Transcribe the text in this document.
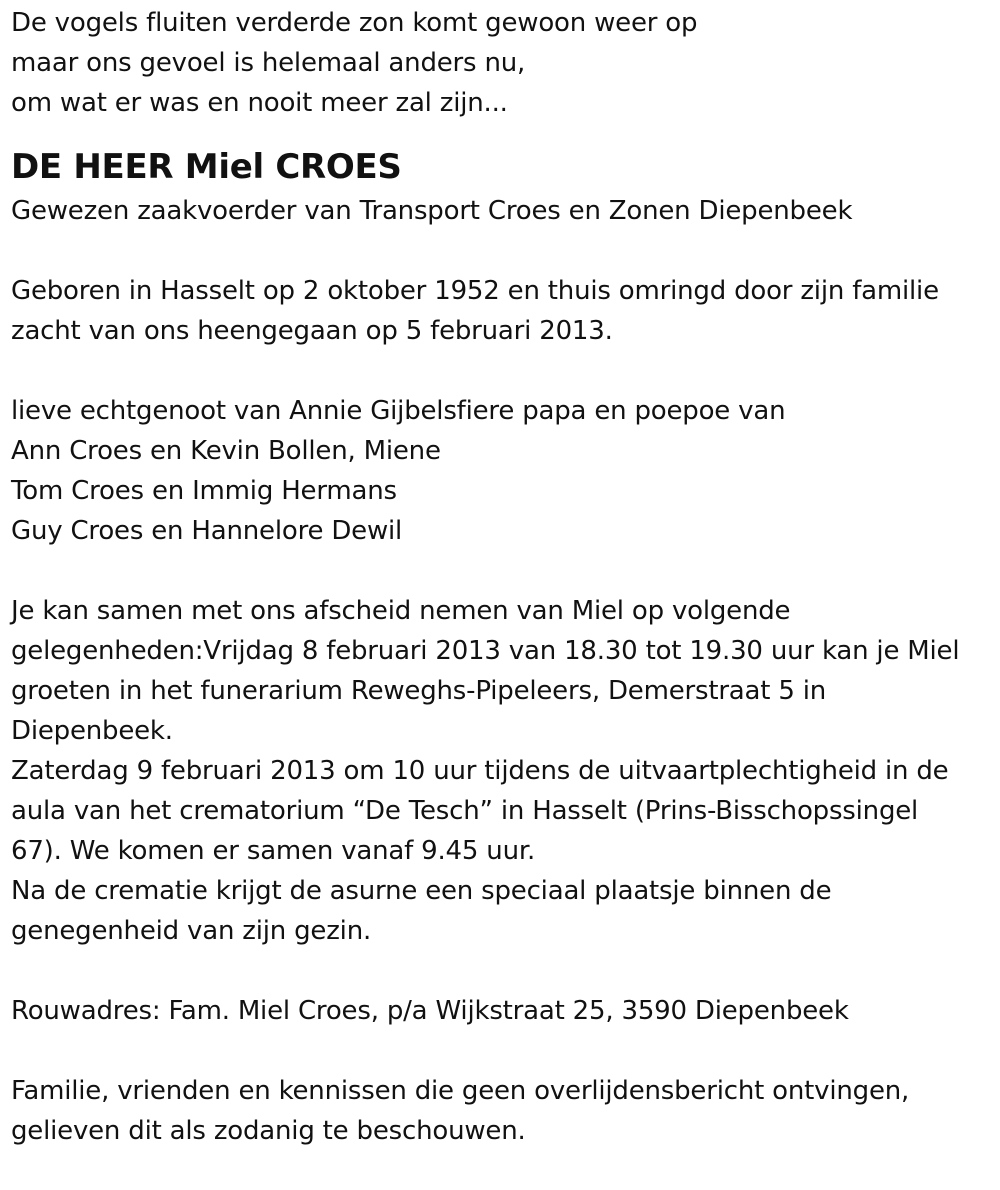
De vogels fluiten verderde zon komt gewoon weer op
maar ons gevoel is helemaal anders nu,
om wat er was en nooit meer zal zijn...
DE HEER Miel CROES
Gewezen zaakvoerder van Transport Croes en Zonen Diepenbeek
Geboren in Hasselt op 2 oktober 1952 en thuis omringd door zijn familie
zacht van ons heengegaan op 5 februari 2013.
lieve echtgenoot van Annie Gijbelsfiere papa en poepoe van
Ann Croes en Kevin Bollen, Miene
Tom Croes en Immig Hermans
Guy Croes en Hannelore Dewil
Je kan samen met ons afscheid nemen van Miel op volgende
gelegenheden:Vrijdag 8 februari 2013 van 18.30 tot 19.30 uur kan je Miel
groeten in het funerarium Reweghs-Pipeleers, Demerstraat 5 in
Diepenbeek.
Zaterdag 9 februari 2013 om 10 uur tijdens de uitvaartplechtigheid in de
aula van het crematorium “De Tesch” in Hasselt (Prins-Bisschopssingel
67). We komen er samen vanaf 9.45 uur.
Na de crematie krijgt de asurne een speciaal plaatsje binnen de
genegenheid van zijn gezin.
Rouwadres: Fam. Miel Croes, p/a Wijkstraat 25, 3590 Diepenbeek
Familie, vrienden en kennissen die geen overlijdensbericht ontvingen,
gelieven dit als zodanig te beschouwen.
